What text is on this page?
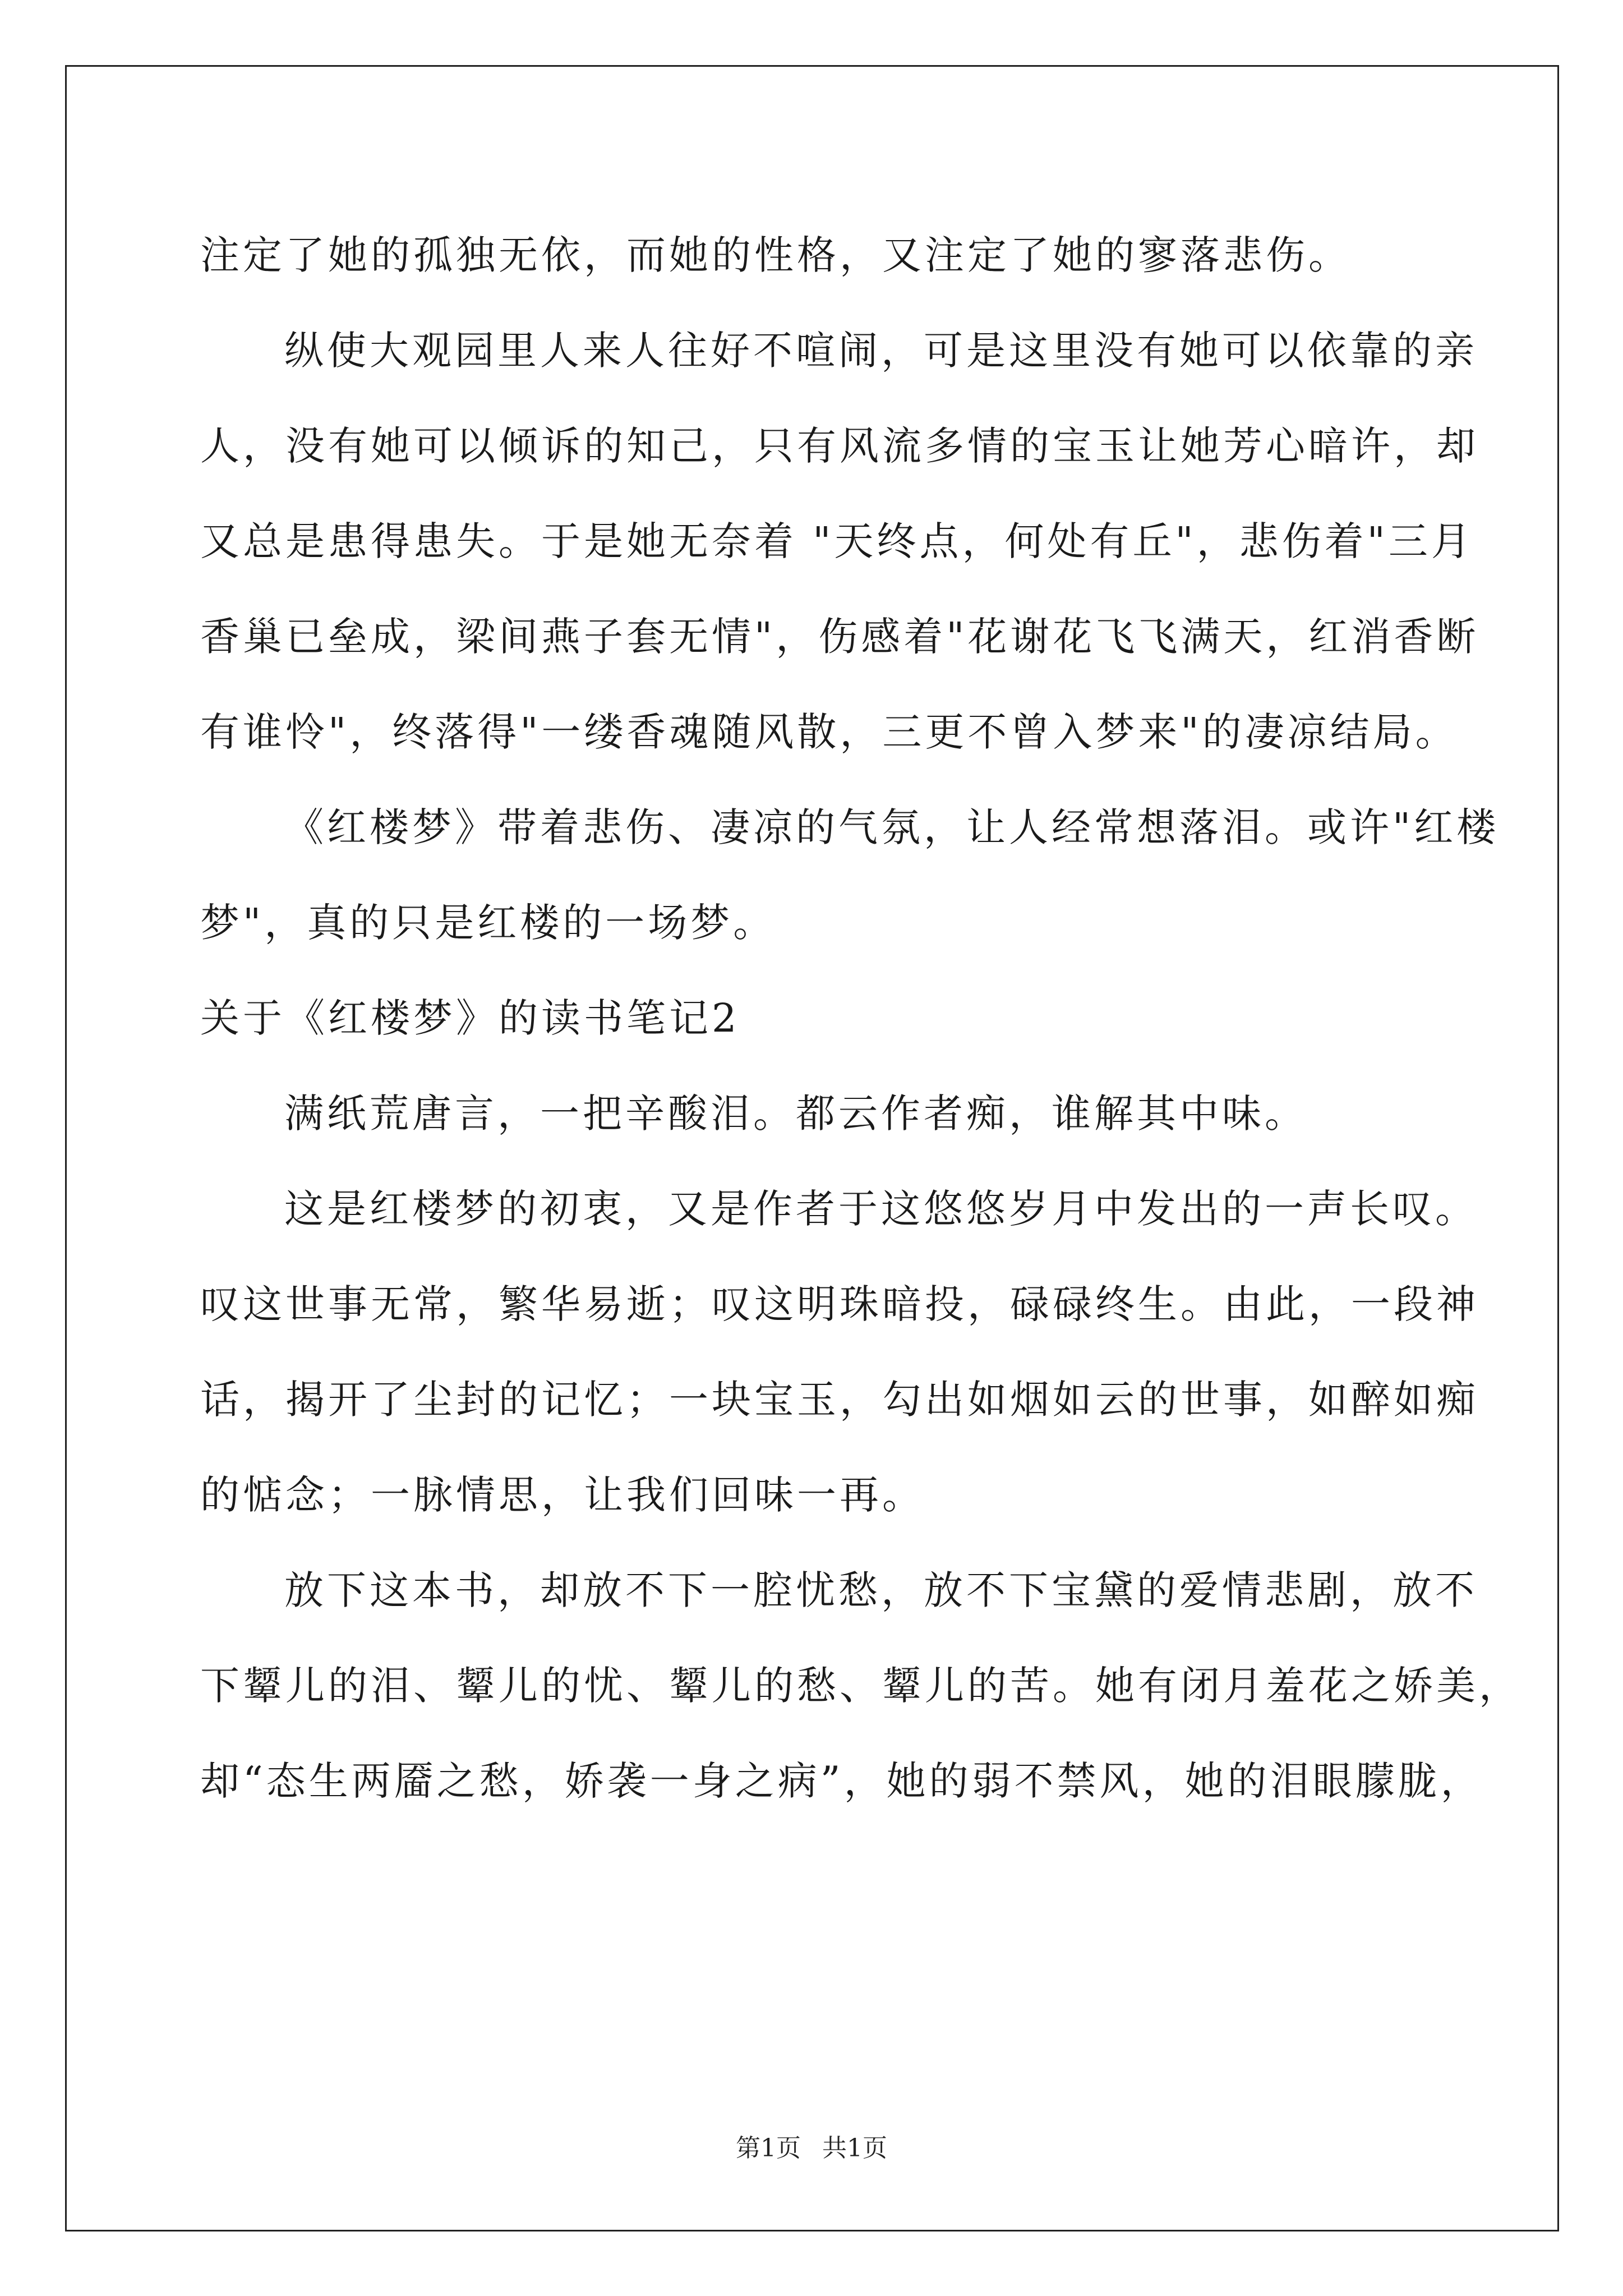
注定了她的孤独无依，而她的性格，又注定了她的寥落悲伤。
纵使大观园里人来人往好不喧闹，可是这里没有她可以依靠的亲
人，没有她可以倾诉的知己，只有风流多情的宝玉让她芳心暗许，却
又总是患得患失。于是她无奈着 "天终点，何处有丘"，悲伤着"三月
香巢已垒成，梁间燕子套无情"，伤感着"花谢花飞飞满天，红消香断
有谁怜"，终落得"一缕香魂随风散，三更不曾入梦来"的凄凉结局。
《红楼梦》带着悲伤、凄凉的气氛，让人经常想落泪。或许"红楼
梦"，真的只是红楼的一场梦。
关于《红楼梦》的读书笔记2
满纸荒唐言，一把辛酸泪。都云作者痴，谁解其中味。
这是红楼梦的初衷，又是作者于这悠悠岁月中发出的一声长叹。
叹这世事无常，繁华易逝；叹这明珠暗投，碌碌终生。由此，一段神
话，揭开了尘封的记忆；一块宝玉，勾出如烟如云的世事，如醉如痴
的惦念；一脉情思，让我们回味一再。
放下这本书，却放不下一腔忧愁，放不下宝黛的爱情悲剧，放不
下颦儿的泪、颦儿的忧、颦儿的愁、颦儿的苦。她有闭月羞花之娇美，
却“态生两靥之愁，娇袭一身之病”，她的弱不禁风，她的泪眼朦胧，
第1页 共1页
